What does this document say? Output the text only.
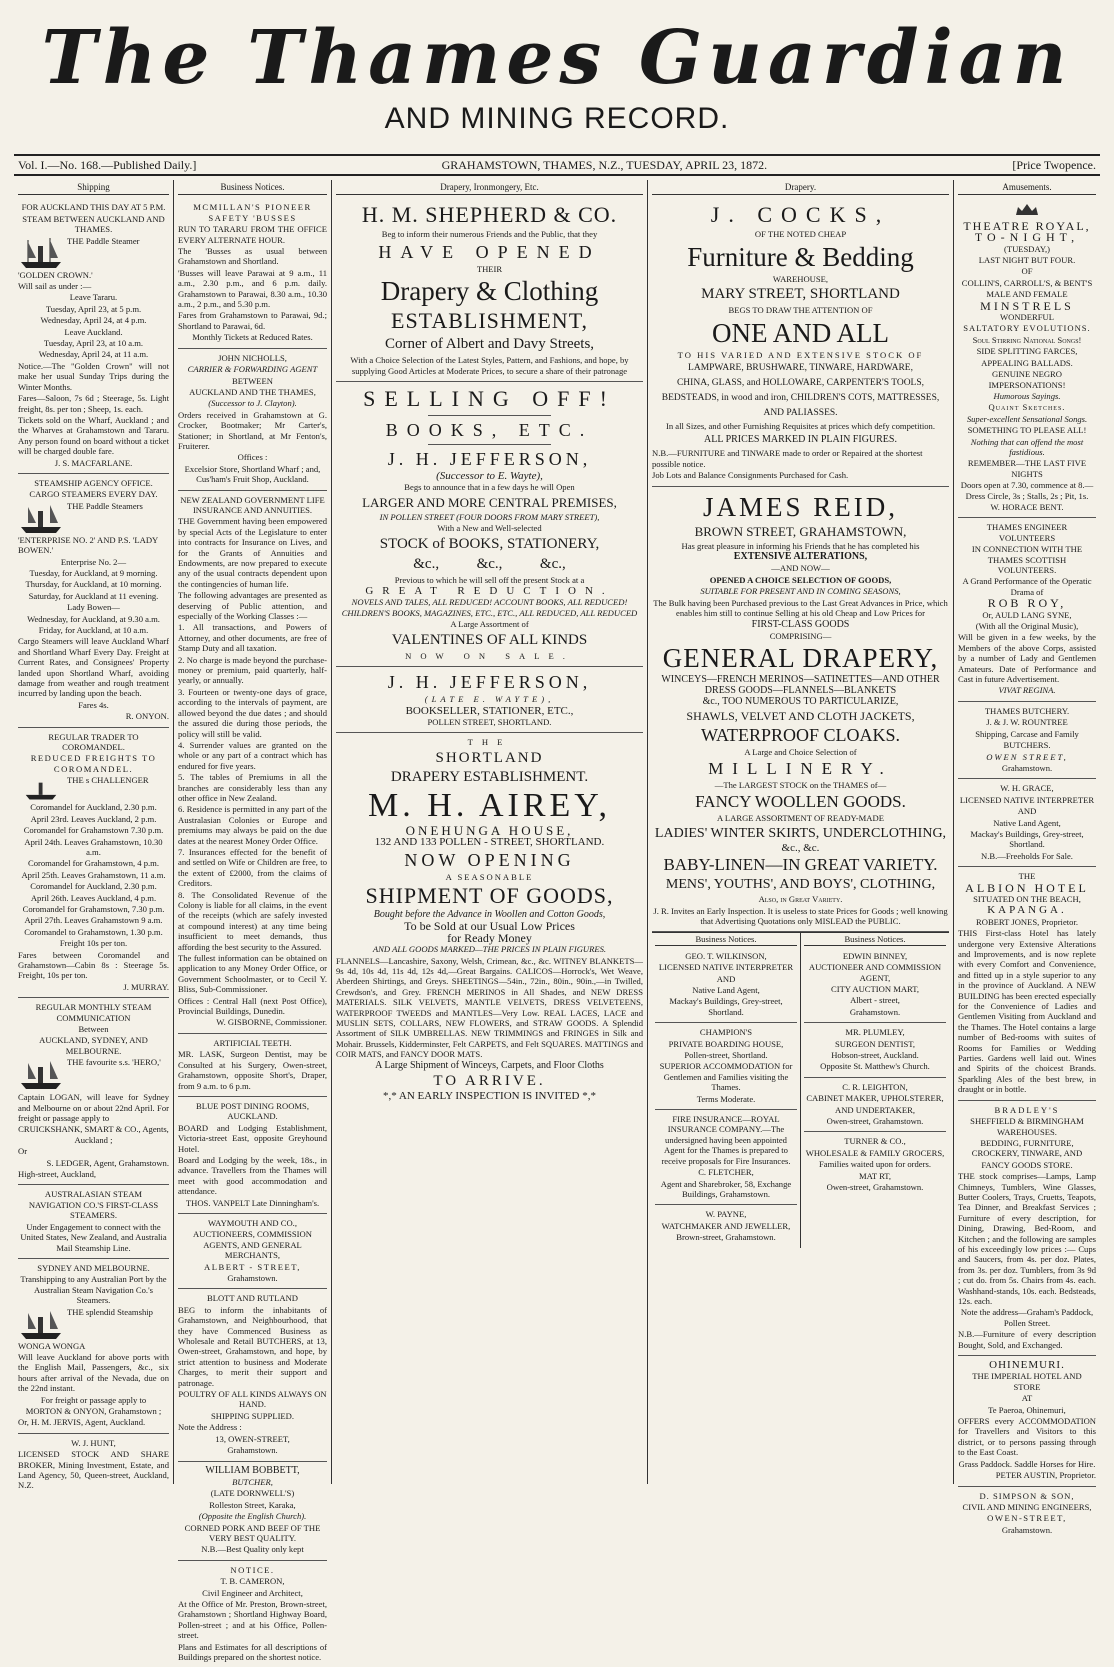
The Thames Guardian
AND MINING RECORD.
Vol. I.—No. 168.—Published Daily.]	GRAHAMSTOWN, THAMES, N.Z., TUESDAY, APRIL 23, 1872.	[Price Twopence.
Shipping

FOR AUCKLAND THIS DAY AT 5 P.M.

STEAM BETWEEN AUCKLAND AND THAMES.

THE Paddle Steamer 'GOLDEN CROWN.'

Will sail as under :—

Leave Tararu.

Tuesday, April 23, at 5 p.m.

Wednesday, April 24, at 4 p.m.

Leave Auckland.

Tuesday, April 23, at 10 a.m.

Wednesday, April 24, at 11 a.m.

Notice.—The "Golden Crown" will not make her usual Sunday Trips during the Winter Months.

Fares—Saloon, 7s 6d ; Steerage, 5s. Light freight, 8s. per ton ; Sheep, 1s. each.

Tickets sold on the Wharf, Auckland ; and the Wharves at Grahamstown and Tararu. Any person found on board without a ticket will be charged double fare.

J. S. MACFARLANE.

STEAMSHIP AGENCY OFFICE.

CARGO STEAMERS EVERY DAY.

THE Paddle Steamers 'ENTERPRISE NO. 2' AND P.S. 'LADY BOWEN.'

Enterprise No. 2—

Tuesday, for Auckland, at 9 morning.

Thursday, for Auckland, at 10 morning.

Saturday, for Auckland at 11 evening.

Lady Bowen—

Wednesday, for Auckland, at 9.30 a.m.

Friday, for Auckland, at 10 a.m.

Cargo Steamers will leave Auckland Wharf and Shortland Wharf Every Day. Freight at Current Rates, and Consignees' Property landed upon Shortland Wharf, avoiding damage from weather and rough treatment incurred by landing upon the beach.

Fares 4s.

R. ONYON.

REGULAR TRADER TO COROMANDEL.

REDUCED FREIGHTS TO COROMANDEL.

THE s CHALLENGER

Coromandel for Auckland, 2.30 p.m.

April 23rd. Leaves Auckland, 2 p.m.

Coromandel for Grahamstown 7.30 p.m.

April 24th. Leaves Grahamstown, 10.30 a.m.

Coromandel for Grahamstown, 4 p.m.

April 25th. Leaves Grahamstown, 11 a.m.

Coromandel for Auckland, 2.30 p.m.

April 26th. Leaves Auckland, 4 p.m.

Coromandel for Grahamstown, 7.30 p.m.

April 27th. Leaves Grahamstown 9 a.m.

Coromandel to Grahamstown, 1.30 p.m.

Freight 10s per ton.

Fares between Coromandel and Grahamstown—Cabin 8s : Steerage 5s. Freight, 10s per ton.

J. MURRAY.

REGULAR MONTHLY STEAM COMMUNICATION

Between

AUCKLAND, SYDNEY, AND MELBOURNE.

THE favourite s.s. 'HERO,'

Captain LOGAN, will leave for Sydney and Melbourne on or about 22nd April. For freight or passage apply to

CRUICKSHANK, SMART & CO., Agents, Auckland ;

Or

S. LEDGER, Agent, Grahamstown.

High-street, Auckland,

AUSTRALASIAN STEAM NAVIGATION CO.'S FIRST-CLASS STEAMERS.

Under Engagement to connect with the United States, New Zealand, and Australia Mail Steamship Line.

SYDNEY AND MELBOURNE.

Transhipping to any Australian Port by the Australian Steam Navigation Co.'s Steamers.

THE splendid Steamship WONGA WONGA

Will leave Auckland for above ports with the English Mail, Passengers, &c., six hours after arrival of the Nevada, due on the 22nd instant.

For freight or passage apply to

MORTON & ONYON, Grahamstown ;

Or, H. M. JERVIS, Agent, Auckland.

W. J. HUNT,

LICENSED STOCK AND SHARE BROKER, Mining Investment, Estate, and Land Agency, 50, Queen-street, Auckland, N.Z.

Business Notices.

MCMILLAN'S PIONEER SAFETY 'BUSSES

RUN TO TARARU FROM THE OFFICE EVERY ALTERNATE HOUR.

The 'Busses as usual between Grahamstown and Shortland.

'Busses will leave Parawai at 9 a.m., 11 a.m., 2.30 p.m., and 6 p.m. daily. Grahamstown to Parawai, 8.30 a.m., 10.30 a.m., 2 p.m., and 5.30 p.m.

Fares from Grahamstown to Parawai, 9d.; Shortland to Parawai, 6d.

Monthly Tickets at Reduced Rates.

JOHN NICHOLLS,

CARRIER & FORWARDING AGENT

BETWEEN

AUCKLAND AND THE THAMES,

(Successor to J. Clayton).

Orders received in Grahamstown at G. Crocker, Bootmaker; Mr Carter's, Stationer; in Shortland, at Mr Fenton's, Fruiterer.

Offices :

Excelsior Store, Shortland Wharf ; and, Cus'ham's Fruit Shop, Auckland.

NEW ZEALAND GOVERNMENT LIFE INSURANCE AND ANNUITIES.

THE Government having been empowered by special Acts of the Legislature to enter into contracts for Insurance on Lives, and for the Grants of Annuities and Endowments, are now prepared to execute any of the usual contracts dependent upon the contingencies of human life.

The following advantages are presented as deserving of Public attention, and especially of the Working Classes :—

1. All transactions, and Powers of Attorney, and other documents, are free of Stamp Duty and all taxation.

2. No charge is made beyond the purchase-money or premium, paid quarterly, half-yearly, or annually.

3. Fourteen or twenty-one days of grace, according to the intervals of payment, are allowed beyond the due dates ; and should the assured die during those periods, the policy will still be valid.

4. Surrender values are granted on the whole or any part of a contract which has endured for five years.

5. The tables of Premiums in all the branches are considerably less than any other office in New Zealand.

6. Residence is permitted in any part of the Australasian Colonies or Europe and premiums may always be paid on the due dates at the nearest Money Order Office.

7. Insurances effected for the benefit of and settled on Wife or Children are free, to the extent of £2000, from the claims of Creditors.

8. The Consolidated Revenue of the Colony is liable for all claims, in the event of the receipts (which are safely invested at compound interest) at any time being insufficient to meet demands, thus affording the best security to the Assured.

The fullest information can be obtained on application to any Money Order Office, or Government Schoolmaster, or to Cecil Y. Bliss, Sub-Commissioner.

Offices : Central Hall (next Post Office), Provincial Buildings, Dunedin.

W. GISBORNE, Commissioner.

ARTIFICIAL TEETH.

MR. LASK, Surgeon Dentist, may be Consulted at his Surgery, Owen-street, Grahamstown, opposite Short's, Draper, from 9 a.m. to 6 p.m.

BLUE POST DINING ROOMS, AUCKLAND.

BOARD and Lodging Establishment, Victoria-street East, opposite Greyhound Hotel.

Board and Lodging by the week, 18s., in advance. Travellers from the Thames will meet with good accommodation and attendance.

THOS. VANPELT Late Dinningham's.

WAYMOUTH AND CO.,

AUCTIONEERS, COMMISSION AGENTS, AND GENERAL MERCHANTS,

ALBERT - STREET,

Grahamstown.

BLOTT AND RUTLAND

BEG to inform the inhabitants of Grahamstown, and Neighbourhood, that they have Commenced Business as Wholesale and Retail BUTCHERS, at 13, Owen-street, Grahamstown, and hope, by strict attention to business and Moderate Charges, to merit their support and patronage.

POULTRY OF ALL KINDS ALWAYS ON HAND.

SHIPPING SUPPLIED.

Note the Address :

13, OWEN-STREET,

Grahamstown.

WILLIAM BOBBETT,

BUTCHER,

(LATE DORNWELL'S)

Rolleston Street, Karaka,

(Opposite the English Church).

CORNED PORK AND BEEF OF THE VERY BEST QUALITY.

N.B.—Best Quality only kept

NOTICE.

T. B. CAMERON,

Civil Engineer and Architect,

At the Office of Mr. Preston, Brown-street, Grahamstown ; Shortland Highway Board, Pollen-street ; and at his Office, Pollen-street.

Plans and Estimates for all descriptions of Buildings prepared on the shortest notice.

Drapery, Ironmongery, Etc.

H. M. SHEPHERD & CO.

Beg to inform their numerous Friends and the Public, that they

HAVE OPENED

THEIR

Drapery & Clothing

ESTABLISHMENT,

Corner of Albert and Davy Streets,

With a Choice Selection of the Latest Styles, Pattern, and Fashions, and hope, by supplying Good Articles at Moderate Prices, to secure a share of their patronage

SELLING OFF!

BOOKS, ETC.

J. H. JEFFERSON,

(Successor to E. Wayte),

Begs to announce that in a few days he will Open

LARGER AND MORE CENTRAL PREMISES,

IN POLLEN STREET (FOUR DOORS FROM MARY STREET),

With a New and Well-selected

STOCK of BOOKS, STATIONERY,

&c.,          &c.,          &c.,

Previous to which he will sell off the present Stock at a

GREAT REDUCTION.

NOVELS AND TALES, ALL REDUCED! ACCOUNT BOOKS, ALL REDUCED! CHILDREN'S BOOKS, MAGAZINES, ETC., ETC., ALL REDUCED, ALL REDUCED

A Large Assortment of

VALENTINES OF ALL KINDS

NOW ON SALE.

J. H. JEFFERSON,

(LATE E. WAYTE),

BOOKSELLER, STATIONER, ETC.,

POLLEN STREET, SHORTLAND.

THE

SHORTLAND

DRAPERY ESTABLISHMENT.

M. H. AIREY,

ONEHUNGA HOUSE,

132 AND 133 POLLEN - STREET, SHORTLAND.

NOW OPENING

A SEASONABLE

SHIPMENT OF GOODS,

Bought before the Advance in Woollen and Cotton Goods,

To be Sold at our Usual Low Prices

for Ready Money

AND ALL GOODS MARKED—THE PRICES IN PLAIN FIGURES.

FLANNELS—Lancashire, Saxony, Welsh, Crimean, &c., &c. WITNEY BLANKETS—9s 4d, 10s 4d, 11s 4d, 12s 4d,—Great Bargains. CALICOS—Horrock's, Wet Weave, Aberdeen Shirtings, and Greys. SHEETINGS—54in., 72in., 80in., 90in.,—in Twilled, Crewdson's, and Grey. FRENCH MERINOS in All Shades, and NEW DRESS MATERIALS. SILK VELVETS, MANTLE VELVETS, DRESS VELVETEENS, WATERPROOF TWEEDS and MANTLES—Very Low. REAL LACES, LACE and MUSLIN SETS, COLLARS, NEW FLOWERS, and STRAW GOODS. A Splendid Assortment of SILK UMBRELLAS. NEW TRIMMINGS and FRINGES in Silk and Mohair. Brussels, Kidderminster, Felt CARPETS, and Felt SQUARES. MATTINGS and COIR MATS, and FANCY DOOR MATS.

A Large Shipment of Winceys, Carpets, and Floor Cloths

TO ARRIVE.

*,* AN EARLY INSPECTION IS INVITED *,*

Drapery.

J. COCKS,

OF THE NOTED CHEAP

Furniture & Bedding

WAREHOUSE,

MARY STREET, SHORTLAND

BEGS TO DRAW THE ATTENTION OF

ONE AND ALL

TO HIS VARIED AND EXTENSIVE STOCK OF

LAMPWARE, BRUSHWARE, TINWARE, HARDWARE,

CHINA, GLASS, and HOLLOWARE, CARPENTER'S TOOLS,

BEDSTEADS, in wood and iron, CHILDREN'S COTS, MATTRESSES,

AND PALIASSES.

In all Sizes, and other Furnishing Requisites at prices which defy competition.

ALL PRICES MARKED IN PLAIN FIGURES.

N.B.—FURNITURE and TINWARE made to order or Repaired at the shortest possible notice.

Job Lots and Balance Consignments Purchased for Cash.

JAMES REID,

BROWN STREET, GRAHAMSTOWN,

Has great pleasure in informing his Friends that he has completed his

EXTENSIVE ALTERATIONS,

—AND NOW—

OPENED A CHOICE SELECTION OF GOODS,

SUITABLE FOR PRESENT AND IN COMING SEASONS,

The Bulk having been Purchased previous to the Last Great Advances in Price, which enables him still to continue Selling at his old Cheap and Low Prices for

FIRST-CLASS GOODS

COMPRISING—

GENERAL DRAPERY,

WINCEYS—FRENCH MERINOS—SATINETTES—AND OTHER DRESS GOODS—FLANNELS—BLANKETS

&c., TOO NUMEROUS TO PARTICULARIZE,

SHAWLS, VELVET AND CLOTH JACKETS,

WATERPROOF CLOAKS.

A Large and Choice Selection of

MILLINERY.

—The LARGEST STOCK on the THAMES of—

FANCY WOOLLEN GOODS.

A LARGE ASSORTMENT OF READY-MADE

LADIES' WINTER SKIRTS, UNDERCLOTHING,

&c., &c.

BABY-LINEN—IN GREAT VARIETY.

MENS', YOUTHS', AND BOYS', CLOTHING,

Also, in Great Variety.

J. R. Invites an Early Inspection. It is useless to state Prices for Goods ; well knowing that Advertising Quotations only MISLEAD the PUBLIC.

Business Notices.

GEO. T. WILKINSON,

LICENSED NATIVE INTERPRETER

AND

Native Land Agent,

Mackay's Buildings, Grey-street, Shortland.

CHAMPION'S

PRIVATE BOARDING HOUSE,

Pollen-street, Shortland.

SUPERIOR ACCOMMODATION for Gentlemen and Families visiting the Thames.

Terms Moderate.

FIRE INSURANCE—ROYAL INSURANCE COMPANY.—The undersigned having been appointed Agent for the Thames is prepared to receive proposals for Fire Insurances.

C. FLETCHER,

Agent and Sharebroker, 58, Exchange Buildings, Grahamstown.

W. PAYNE,

WATCHMAKER AND JEWELLER,

Brown-street, Grahamstown.

Business Notices.

EDWIN BINNEY,

AUCTIONEER AND COMMISSION AGENT,

CITY AUCTION MART,

Albert - street,

Grahamstown.

MR. PLUMLEY,

SURGEON DENTIST,

Hobson-street, Auckland.

Opposite St. Matthew's Church.

C. R. LEIGHTON,

CABINET MAKER, UPHOLSTERER,

AND UNDERTAKER,

Owen-street, Grahamstown.

TURNER & CO.,

WHOLESALE & FAMILY GROCERS,

Families waited upon for orders.

MAT RT,

Owen-street, Grahamstown.

Amusements.

THEATRE ROYAL,

TO-NIGHT,

(TUESDAY,)

LAST NIGHT BUT FOUR.

OF

COLLIN'S, CARROLL'S, & BENT'S

MALE AND FEMALE

MINSTRELS

WONDERFUL

SALTATORY EVOLUTIONS.

Soul Stirring National Songs!

SIDE SPLITTING FARCES,

APPEALING BALLADS.

GENUINE NEGRO IMPERSONATIONS!

Humorous Sayings.

Quaint Sketches.

Super-excellent Sensational Songs.

SOMETHING TO PLEASE ALL!

Nothing that can offend the most fastidious.

REMEMBER—THE LAST FIVE NIGHTS

Doors open at 7.30, commence at 8.—Dress Circle, 3s ; Stalls, 2s ; Pit, 1s.

W. HORACE BENT.

THAMES ENGINEER VOLUNTEERS

IN CONNECTION WITH THE THAMES SCOTTISH VOLUNTEERS.

A Grand Performance of the Operatic Drama of

ROB ROY,

Or, AULD LANG SYNE,

(With all the Original Music),

Will be given in a few weeks, by the Members of the above Corps, assisted by a number of Lady and Gentlemen Amateurs. Date of Performance and Cast in future Advertisement.

VIVAT REGINA.

THAMES BUTCHERY.

J. & J. W. ROUNTREE

Shipping, Carcase and Family

BUTCHERS.

OWEN STREET,

Grahamstown.

W. H. GRACE,

LICENSED NATIVE INTERPRETER

AND

Native Land Agent,

Mackay's Buildings, Grey-street, Shortland.

N.B.—Freeholds For Sale.

THE

ALBION HOTEL

SITUATED ON THE BEACH,

KAPANGA.

ROBERT JONES, Proprietor.

THIS First-class Hotel has lately undergone very Extensive Alterations and Improvements, and is now replete with every Comfort and Convenience, and fitted up in a style superior to any in the province of Auckland. A NEW BUILDING has been erected especially for the Convenience of Ladies and Gentlemen Visiting from Auckland and the Thames. The Hotel contains a large number of Bed-rooms with suites of Rooms for Families or Wedding Parties. Gardens well laid out. Wines and Spirits of the choicest Brands. Sparkling Ales of the best brew, in draught or in bottle.

BRADLEY'S

SHEFFIELD & BIRMINGHAM WAREHOUSES.

BEDDING, FURNITURE, CROCKERY, TINWARE, AND

FANCY GOODS STORE.

THE stock comprises—Lamps, Lamp Chimneys, Tumblers, Wine Glasses, Butter Coolers, Trays, Cruetts, Teapots, Tea Dinner, and Breakfast Services ; Furniture of every description, for Dining, Drawing, Bed-Room, and Kitchen ; and the following are samples of his exceedingly low prices :— Cups and Saucers, from 4s. per doz. Plates, from 3s. per doz. Tumblers, from 3s 9d ; cut do. from 5s. Chairs from 4s. each. Washhand-stands, 10s. each. Bedsteads, 12s. each.

Note the address—Graham's Paddock, Pollen Street.

N.B.—Furniture of every description Bought, Sold, and Exchanged.

OHINEMURI.

THE IMPERIAL HOTEL AND STORE

AT

Te Paeroa, Ohinemuri,

OFFERS every ACCOMMODATION for Travellers and Visitors to this district, or to persons passing through to the East Coast.

Grass Paddock. Saddle Horses for Hire.

PETER AUSTIN, Proprietor.

D. SIMPSON & SON,

CIVIL AND MINING ENGINEERS,

OWEN-STREET,

Grahamstown.
